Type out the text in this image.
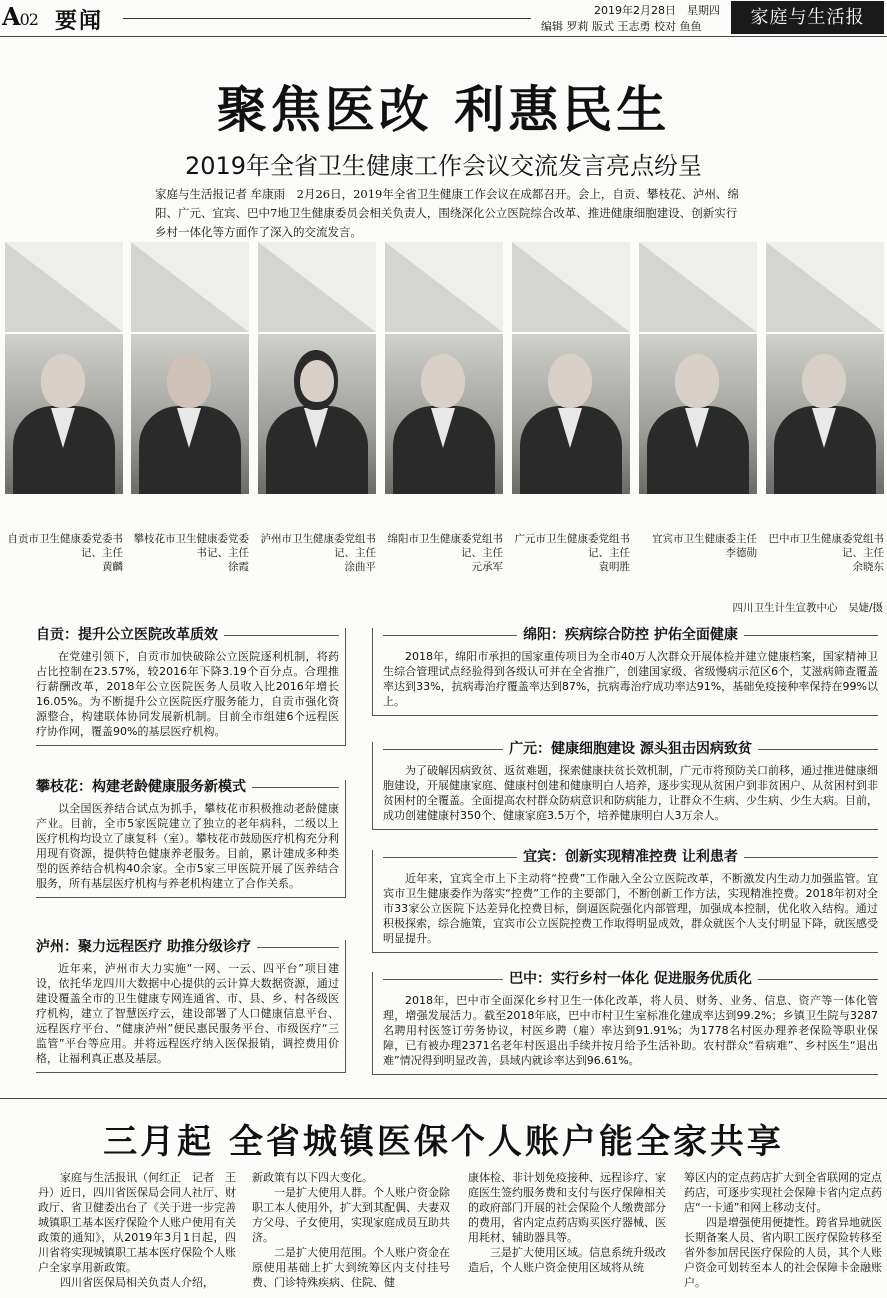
A02 要闻	2019年2月28日　星期四
编辑 罗莉 版式 王志勇 校对 鱼鱼	家庭与生活报
聚焦医改 利惠民生
2019年全省卫生健康工作会议交流发言亮点纷呈
家庭与生活报记者 牟康雨　2月26日，2019年全省卫生健康工作会议在成都召开。会上，自贡、攀枝花、泸州、绵阳、广元、宜宾、巴中7地卫生健康委员会相关负责人，围绕深化公立医院综合改革、推进健康细胞建设、创新实行乡村一体化等方面作了深入的交流发言。
自贡市卫生健康委党委书记、主任
黄麟
攀枝花市卫生健康委党委书记、主任
徐霞
泸州市卫生健康委党组书记、主任
涂曲平
绵阳市卫生健康委党组书记、主任
元承军
广元市卫生健康委党组书记、主任
袁明胜
宜宾市卫生健康委主任
李德勋
巴中市卫生健康委党组书记、主任
余晓东
四川卫生计生宣教中心　吴婕/摄
自贡：提升公立医院改革质效

在党建引领下，自贡市加快破除公立医院逐利机制，将药占比控制在23.57%，较2016年下降3.19个百分点。合理推行薪酬改革，2018年公立医院医务人员收入比2016年增长16.05%。为不断提升公立医院医疗服务能力，自贡市强化资源整合，构建联体协同发展新机制。目前全市组建6个远程医疗协作网，覆盖90%的基层医疗机构。

攀枝花：构建老龄健康服务新模式

以全国医养结合试点为抓手，攀枝花市积极推动老龄健康产业。目前，全市5家医院建立了独立的老年病科，二级以上医疗机构均设立了康复科（室）。攀枝花市鼓励医疗机构充分利用现有资源，提供特色健康养老服务。目前，累计建成多种类型的医养结合机构40余家。全市5家三甲医院开展了医养结合服务，所有基层医疗机构与养老机构建立了合作关系。

泸州：聚力远程医疗 助推分级诊疗

近年来，泸州市大力实施“一网、一云、四平台”项目建设，依托华龙四川大数据中心提供的云计算大数据资源，通过建设覆盖全市的卫生健康专网连通省、市、县、乡、村各级医疗机构，建立了智慧医疗云，建设部署了人口健康信息平台、远程医疗平台、“健康泸州”便民惠民服务平台、市级医疗“三监管”平台等应用。并将远程医疗纳入医保报销，调控费用价格，让福利真正惠及基层。

绵阳：疾病综合防控 护佑全面健康

2018年，绵阳市承担的国家重传项目为全市40万人次群众开展体检并建立健康档案，国家精神卫生综合管理试点经验得到各级认可并在全省推广，创建国家级、省级慢病示范区6个，艾滋病筛查覆盖率达到33%，抗病毒治疗覆盖率达到87%，抗病毒治疗成功率达91%，基础免疫接种率保持在99%以上。

广元：健康细胞建设 源头狙击因病致贫

为了破解因病致贫、返贫难题，探索健康扶贫长效机制，广元市将预防关口前移，通过推进健康细胞建设，开展健康家庭、健康村创建和健康明白人培养，逐步实现从贫困户到非贫困户、从贫困村到非贫困村的全覆盖。全面提高农村群众防病意识和防病能力，让群众不生病、少生病、少生大病。目前，成功创建健康村350个、健康家庭3.5万个，培养健康明白人3万余人。

宜宾：创新实现精准控费 让利患者

近年来，宜宾全市上下主动将“控费”工作融入全公立医院改革，不断激发内生动力加强监管。宜宾市卫生健康委作为落实“控费”工作的主要部门，不断创新工作方法，实现精准控费。2018年初对全市33家公立医院下达差异化控费目标，倒逼医院强化内部管理，加强成本控制，优化收入结构。通过积极探索，综合施策，宜宾市公立医院控费工作取得明显成效，群众就医个人支付明显下降，就医感受明显提升。

巴中：实行乡村一体化 促进服务优质化

2018年，巴中市全面深化乡村卫生一体化改革，将人员、财务、业务、信息、资产等一体化管理，增强发展活力。截至2018年底，巴中市村卫生室标准化建成率达到99.2%；乡镇卫生院与3287名聘用村医签订劳务协议，村医乡聘（雇）率达到91.91%；为1778名村医办理养老保险等职业保障，已有被办理2371名老年村医退出手续并按月给予生活补助。农村群众“看病难”、乡村医生“退出难”情况得到明显改善，县域内就诊率达到96.61%。

三月起 全省城镇医保个人账户能全家共享

家庭与生活报讯（何红正　记者　王丹）近日，四川省医保局会同人社厅、财政厅、省卫健委出台了《关于进一步完善城镇职工基本医疗保险个人账户使用有关政策的通知》，从2019年3月1日起，四川省将实现城镇职工基本医疗保险个人账户全家享用新政策。

四川省医保局相关负责人介绍，

新政策有以下四大变化。

一是扩大使用人群。个人账户资金除职工本人使用外，扩大到其配偶、夫妻双方父母、子女使用，实现家庭成员互助共济。

二是扩大使用范围。个人账户资金在原使用基础上扩大到统筹区内支付挂号费、门诊特殊疾病、住院、健

康体检、非计划免疫接种、远程诊疗、家庭医生签约服务费和支付与医疗保障相关的政府部门开展的社会保险个人缴费部分的费用，省内定点药店购买医疗器械、医用耗材、辅助器具等。

三是扩大使用区域。信息系统升级改造后，个人账户资金使用区域将从统

筹区内的定点药店扩大到全省联网的定点药店，可逐步实现社会保障卡省内定点药店“一卡通”和网上移动支付。

四是增强使用便捷性。跨省异地就医长期备案人员、省内职工医疗保险转移至省外参加居民医疗保险的人员，其个人账户资金可划转至本人的社会保障卡金融账户。
